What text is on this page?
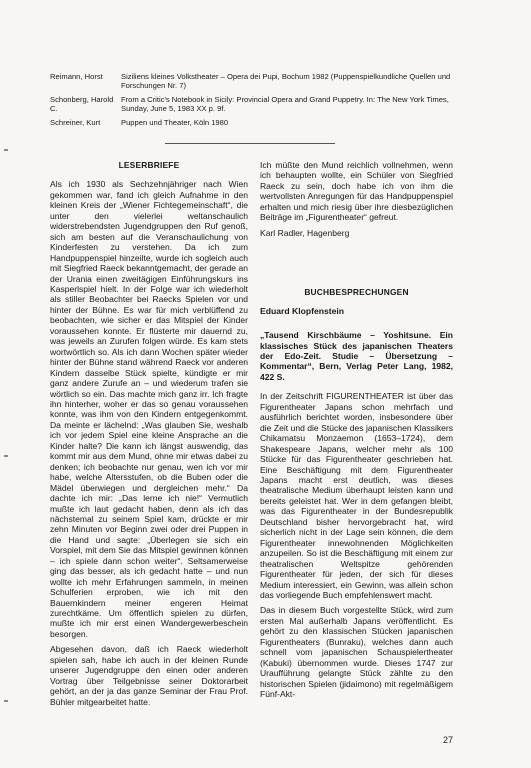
Reimann, Horst	Siziliens kleines Volkstheater – Opera dei Pupi, Bochum 1982 (Puppenspielkundliche Quellen und Forschungen Nr. 7)
Schonberg, Harold C.
From a Critic's Notebook in Sicily: Provincial Opera and Grand Puppetry. In: The New York Times, Sunday, June 5, 1983 XX p. 9f.
Schreiner, Kurt	Puppen und Theater, Köln 1980
LESERBRIEFE

Als ich 1930 als Sechzehnjähriger nach Wien gekommen war, fand ich gleich Aufnahme in den kleinen Kreis der „Wiener Fichtegemeinschaft“, die unter den vielerlei weltanschaulich widerstrebendsten Jugendgruppen den Ruf genoß, sich am besten auf die Veranschaulichung von Kinderfesten zu verstehen. Da ich zum Handpuppenspiel hinzeilte, wurde ich sogleich auch mit Siegfried Raeck bekanntgemacht, der gerade an der Urania einen zweitägigen Einführungskurs ins Kasperlspiel hielt. In der Folge war ich wiederholt als stiller Beobachter bei Raecks Spielen vor und hinter der Bühne. Es war für mich verblüffend zu beobachten, wie sicher er das Mitspiel der Kinder voraussehen konnte. Er flüsterte mir dauernd zu, was jeweils an Zurufen folgen würde. Es kam stets wortwörtlich so. Als ich dann Wochen später wieder hinter der Bühne stand während Raeck vor anderen Kindern dasselbe Stück spielte, kündigte er mir ganz andere Zurufe an – und wiederum trafen sie wörtlich so ein. Das machte mich ganz irr. Ich fragte ihn hinterher, woher er das so genau voraussehen konnte, was ihm von den Kindern entgegenkommt. Da meinte er lächelnd: „Was glauben Sie, weshalb ich vor jedem Spiel eine kleine Ansprache an die Kinder halte? Die kann ich längst auswendig, das kommt mir aus dem Mund, ohne mir etwas dabei zu denken; ich beobachte nur genau, wen ich vor mir habe, welche Altersstufen, ob die Buben oder die Mädel überwiegen und dergleichen mehr.“ Da dachte ich mir: „Das lerne ich nie!“ Vermutlich mußte ich laut gedacht haben, denn als ich das nächstemal zu seinem Spiel kam, drückte er mir zehn Minuten vor Beginn zwei oder drei Puppen in die Hand und sagte: „Überlegen sie sich ein Vorspiel, mit dem Sie das Mitspiel gewinnen können – ich spiele dann schon weiter“. Seltsamerweise ging das besser, als ich gedacht hatte – und nun wollte ich mehr Erfahrungen sammeln, in meinen Schulferien erproben, wie ich mit den Bauernkindern meiner engeren Heimat zurechtkäme. Um öffentlich spielen zu dürfen, mußte ich mir erst einen Wandergewerbeschein besorgen.

Abgesehen davon, daß ich Raeck wiederholt spielen sah, habe ich auch in der kleinen Runde unserer Jugendgruppe den einen oder anderen Vortrag über Teilgebnisse seiner Doktorarbeit gehört, an der ja das ganze Seminar der Frau Prof. Bühler mitgearbeitet hatte.

Ich müßte den Mund reichlich vollnehmen, wenn ich behaupten wollte, ein Schüler von Siegfried Raeck zu sein, doch habe ich von ihm die wertvollsten Anregungen für das Handpuppenspiel erhalten und mich riesig über ihre diesbezüglichen Beiträge im „Figurentheater“ gefreut.

Karl Radler, Hagenberg

BUCHBESPRECHUNGEN
Eduard Klopfenstein

„Tausend Kirschbäume – Yoshitsune. Ein klassisches Stück des japanischen Theaters der Edo-Zeit. Studie – Übersetzung – Kommentar“, Bern, Verlag Peter Lang, 1982, 422 S.

In der Zeitschrift FIGURENTHEATER ist über das Figurentheater Japans schon mehrfach und ausführlich berichtet worden, insbesondere über die Zeit und die Stücke des japanischen Klassikers Chikamatsu Monzaemon (1653–1724), dem Shakespeare Japans, welcher mehr als 100 Stücke für das Figurentheater geschrieben hat. Eine Beschäftigung mit dem Figurentheater Japans macht erst deutlich, was dieses theatralische Medium überhaupt leisten kann und bereits geleistet hat. Wer in dem gefangen bleibt, was das Figurentheater in der Bundesrepublik Deutschland bisher hervorgebracht hat, wird sicherlich nicht in der Lage sein können, die dem Figurentheater innewohnenden Möglichkeiten anzupeilen. So ist die Beschäftigung mit einem zur theatralischen Weltspitze gehörenden Figurentheater für jeden, der sich für dieses Medium interessiert, ein Gewinn, was allein schon das vorliegende Buch empfehlenswert macht.

Das in diesem Buch vorgestellte Stück, wird zum ersten Mal außerhalb Japans veröffentlicht. Es gehört zu den klassischen Stücken japanischen Figurentheaters (Bunraku), welches dann auch schnell vom japanischen Schauspielertheater (Kabuki) übernommen wurde. Dieses 1747 zur Uraufführung gelangte Stück zählte zu den historischen Spielen (jidaimono) mit regelmäßigem Fünf-Akt-

27
